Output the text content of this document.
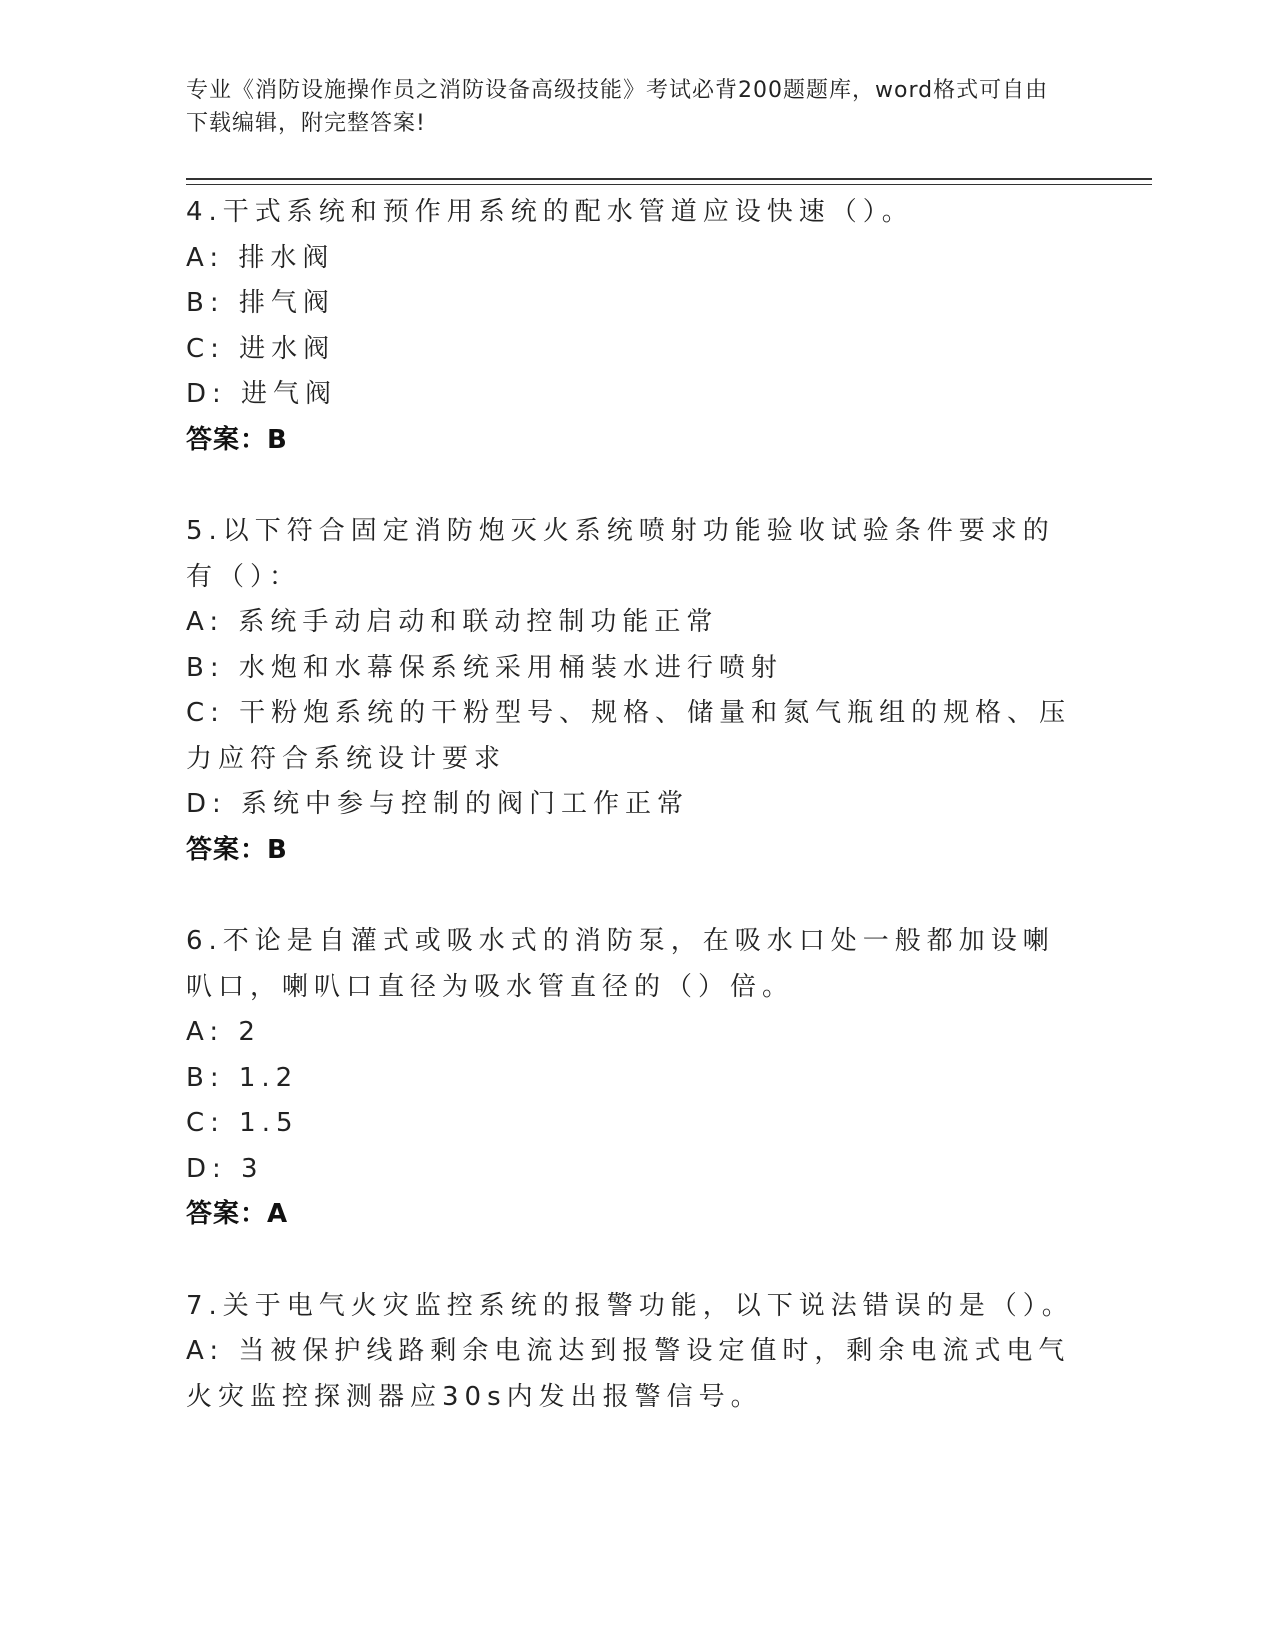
专业《消防设施操作员之消防设备高级技能》考试必背200题题库，word格式可自由下载编辑，附完整答案!
4.干式系统和预作用系统的配水管道应设快速（）。
A: 排水阀
B: 排气阀
C: 进水阀
D: 进气阀
答案：B
5.以下符合固定消防炮灭火系统喷射功能验收试验条件要求的有（）：
A: 系统手动启动和联动控制功能正常
B: 水炮和水幕保系统采用桶装水进行喷射
C: 干粉炮系统的干粉型号、规格、储量和氮气瓶组的规格、压力应符合系统设计要求
D: 系统中参与控制的阀门工作正常
答案：B
6.不论是自灌式或吸水式的消防泵，在吸水口处一般都加设喇叭口，喇叭口直径为吸水管直径的（）倍。
A: 2
B: 1.2
C: 1.5
D: 3
答案：A
7.关于电气火灾监控系统的报警功能，以下说法错误的是（）。
A: 当被保护线路剩余电流达到报警设定值时，剩余电流式电气火灾监控探测器应30s内发出报警信号。
